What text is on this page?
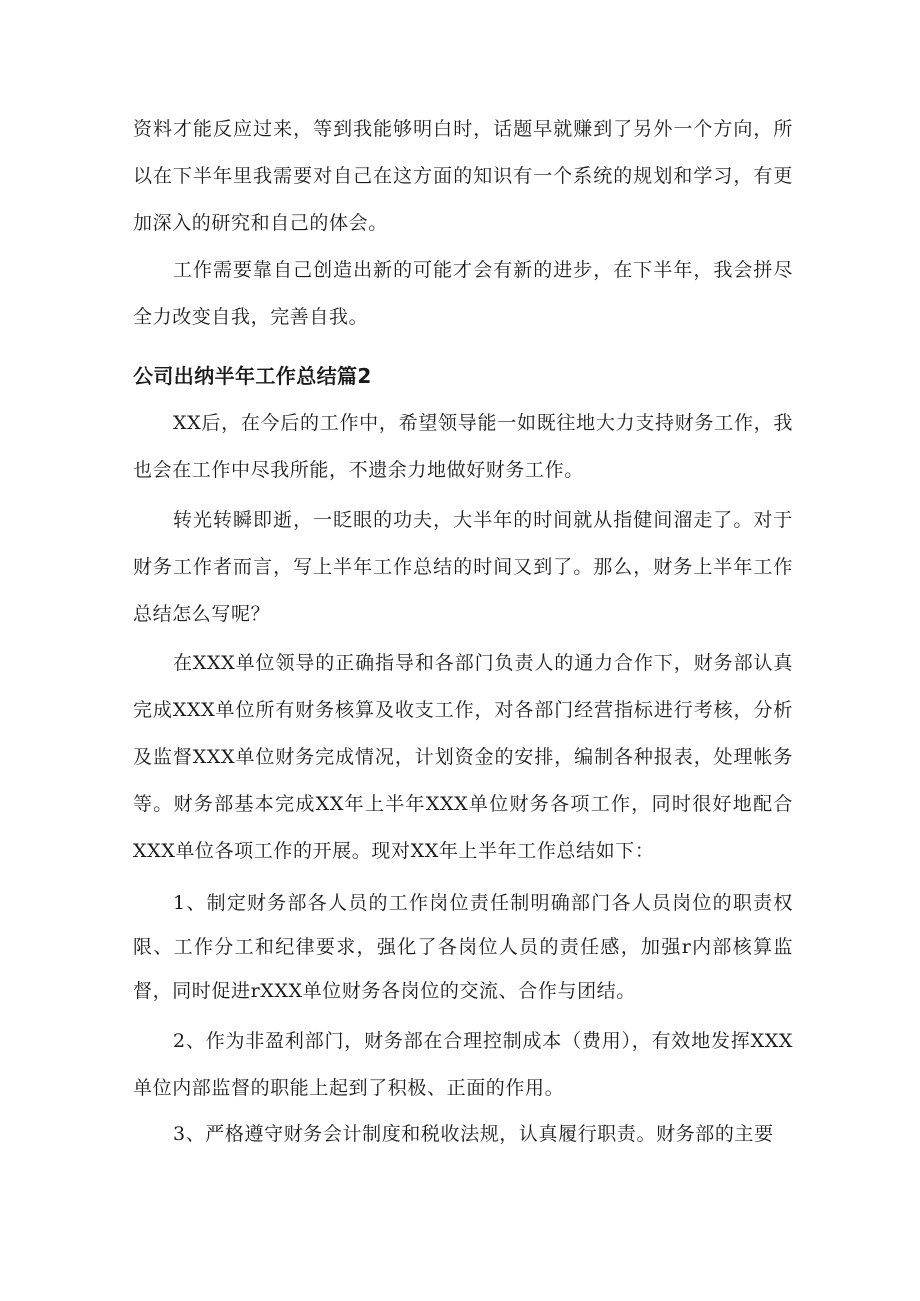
资料才能反应过来，等到我能够明白时，话题早就赚到了另外一个方向，所以在下半年里我需要对自己在这方面的知识有一个系统的规划和学习，有更加深入的研究和自己的体会。

工作需要靠自己创造出新的可能才会有新的进步，在下半年，我会拼尽全力改变自我，完善自我。

公司出纳半年工作总结篇2

XX后，在今后的工作中，希望领导能一如既往地大力支持财务工作，我也会在工作中尽我所能，不遗余力地做好财务工作。

转光转瞬即逝，一眨眼的功夫，大半年的时间就从指健间溜走了。对于财务工作者而言，写上半年工作总结的时间又到了。那么，财务上半年工作总结怎么写呢？

在XXX单位领导的正确指导和各部门负责人的通力合作下，财务部认真完成XXX单位所有财务核算及收支工作，对各部门经营指标进行考核，分析及监督XXX单位财务完成情况，计划资金的安排，编制各种报表，处理帐务等。财务部基本完成XX年上半年XXX单位财务各项工作，同时很好地配合XXX单位各项工作的开展。现对XX年上半年工作总结如下：

1、制定财务部各人员的工作岗位责任制明确部门各人员岗位的职责权限、工作分工和纪律要求，强化了各岗位人员的责任感，加强r内部核算监督，同时促进rXXX单位财务各岗位的交流、合作与团结。

2、作为非盈利部门，财务部在合理控制成本（费用），有效地发挥XXX单位内部监督的职能上起到了积极、正面的作用。

3、严格遵守财务会计制度和税收法规，认真履行职责。财务部的主要
